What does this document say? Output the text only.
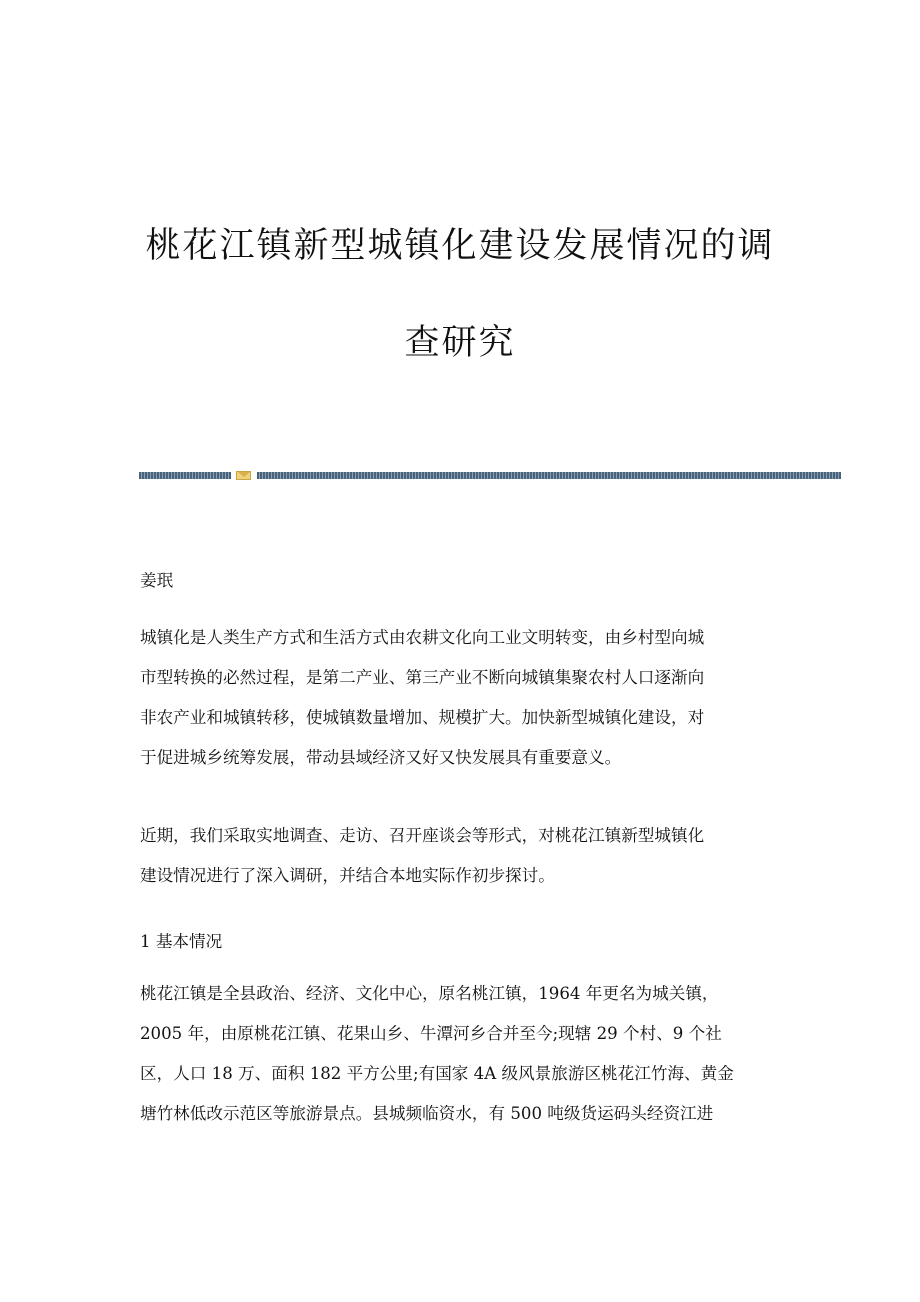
桃花江镇新型城镇化建设发展情况的调
查研究

姜珉

城镇化是人类生产方式和生活方式由农耕文化向工业文明转变，由乡村型向城
市型转换的必然过程，是第二产业、第三产业不断向城镇集聚农村人口逐渐向
非农产业和城镇转移，使城镇数量增加、规模扩大。加快新型城镇化建设，对
于促进城乡统筹发展，带动县域经济又好又快发展具有重要意义。
近期，我们采取实地调查、走访、召开座谈会等形式，对桃花江镇新型城镇化
建设情况进行了深入调研，并结合本地实际作初步探讨。

1 基本情况

桃花江镇是全县政治、经济、文化中心，原名桃江镇，1964 年更名为城关镇，
2005 年，由原桃花江镇、花果山乡、牛潭河乡合并至今;现辖 29 个村、9 个社
区，人口 18 万、面积 182 平方公里;有国家 4A 级风景旅游区桃花江竹海、黄金
塘竹林低改示范区等旅游景点。县城频临资水，有 500 吨级货运码头经资江进
